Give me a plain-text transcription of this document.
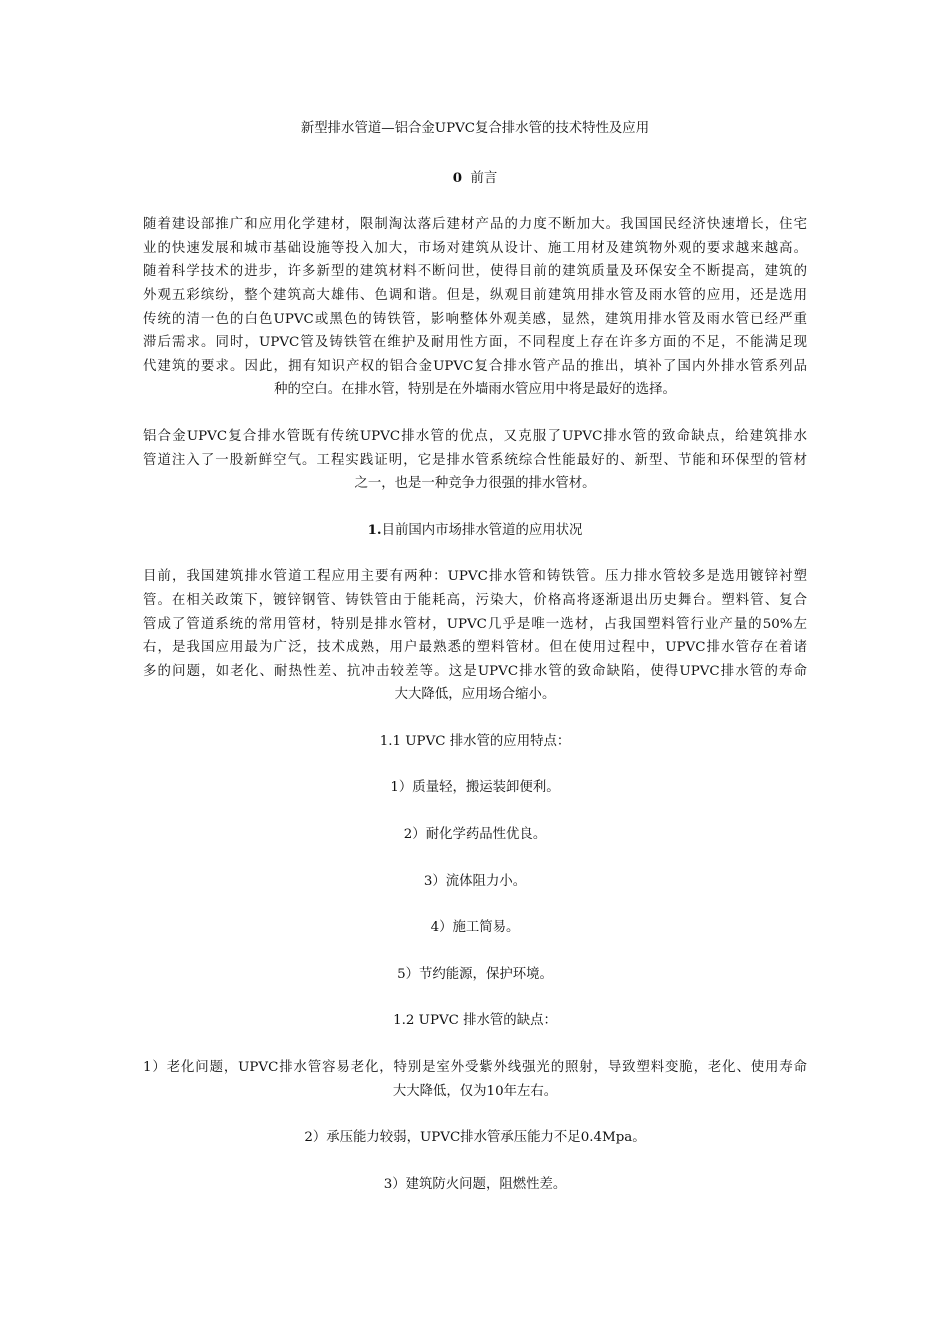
新型排水管道—铝合金UPVC复合排水管的技术特性及应用
0 前言
随着建设部推广和应用化学建材，限制淘汰落后建材产品的力度不断加大。我国国民经济快速增长，住宅
业的快速发展和城市基础设施等投入加大，市场对建筑从设计、施工用材及建筑物外观的要求越来越高。
随着科学技术的进步，许多新型的建筑材料不断问世，使得目前的建筑质量及环保安全不断提高，建筑的
外观五彩缤纷，整个建筑高大雄伟、色调和谐。但是，纵观目前建筑用排水管及雨水管的应用，还是选用
传统的清一色的白色UPVC或黑色的铸铁管，影响整体外观美感，显然，建筑用排水管及雨水管已经严重
滞后需求。同时，UPVC管及铸铁管在维护及耐用性方面，不同程度上存在许多方面的不足，不能满足现
代建筑的要求。因此，拥有知识产权的铝合金UPVC复合排水管产品的推出，填补了国内外排水管系列品
种的空白。在排水管，特别是在外墙雨水管应用中将是最好的选择。
铝合金UPVC复合排水管既有传统UPVC排水管的优点，又克服了UPVC排水管的致命缺点，给建筑排水
管道注入了一股新鲜空气。工程实践证明，它是排水管系统综合性能最好的、新型、节能和环保型的管材
之一，也是一种竞争力很强的排水管材。
1.目前国内市场排水管道的应用状况
目前，我国建筑排水管道工程应用主要有两种：UPVC排水管和铸铁管。压力排水管较多是选用镀锌衬塑
管。在相关政策下，镀锌钢管、铸铁管由于能耗高，污染大，价格高将逐渐退出历史舞台。塑料管、复合
管成了管道系统的常用管材，特别是排水管材，UPVC几乎是唯一选材，占我国塑料管行业产量的50%左
右，是我国应用最为广泛，技术成熟，用户最熟悉的塑料管材。但在使用过程中，UPVC排水管存在着诸
多的问题，如老化、耐热性差、抗冲击较差等。这是UPVC排水管的致命缺陷，使得UPVC排水管的寿命
大大降低，应用场合缩小。
1.1 UPVC 排水管的应用特点：
1）质量轻，搬运装卸便利。
2）耐化学药品性优良。
3）流体阻力小。
4）施工简易。
5）节约能源，保护环境。
1.2 UPVC 排水管的缺点：
1）老化问题，UPVC排水管容易老化，特别是室外受紫外线强光的照射，导致塑料变脆，老化、使用寿命
大大降低，仅为10年左右。
2）承压能力较弱，UPVC排水管承压能力不足0.4Mpa。
3）建筑防火问题，阻燃性差。
